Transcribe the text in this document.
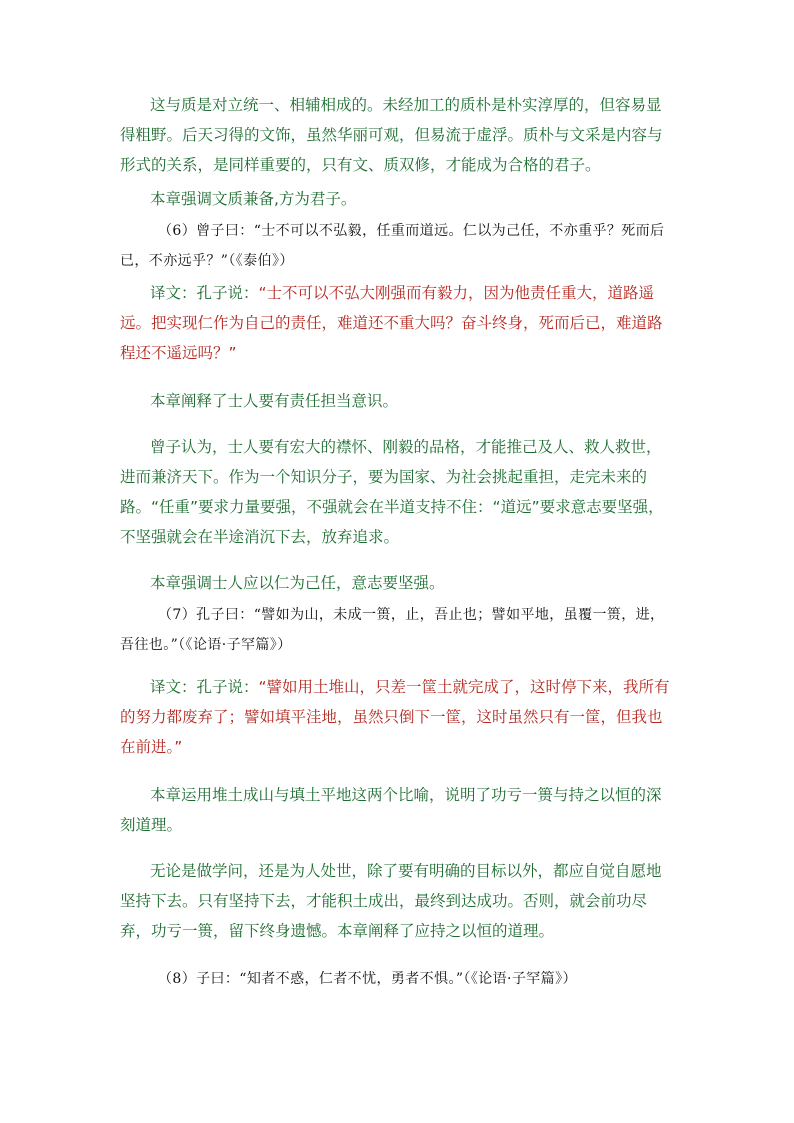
这与质是对立统一、相辅相成的。未经加工的质朴是朴实淳厚的，但容易显得粗野。后天习得的文饰，虽然华丽可观，但易流于虚浮。质朴与文采是内容与形式的关系，是同样重要的，只有文、质双修，才能成为合格的君子。

本章强调文质兼备,方为君子。

（6）曾子曰：“士不可以不弘毅，任重而道远。仁以为己任，不亦重乎？死而后已，不亦远乎？”（《泰伯》）

译文：孔子说：“士不可以不弘大刚强而有毅力，因为他责任重大，道路遥远。把实现仁作为自己的责任，难道还不重大吗？奋斗终身，死而后已，难道路程还不遥远吗？”

本章阐释了士人要有责任担当意识。

曾子认为，士人要有宏大的襟怀、刚毅的品格，才能推己及人、救人救世，进而兼济天下。作为一个知识分子，要为国家、为社会挑起重担，走完未来的路。“任重”要求力量要强，不强就会在半道支持不住：“道远”要求意志要坚强，不坚强就会在半途消沉下去，放弃追求。

本章强调士人应以仁为己任，意志要坚强。

（7）孔子曰：“譬如为山，未成一篑，止，吾止也；譬如平地，虽覆一篑，进，吾往也。”（《论语·子罕篇》）

译文：孔子说：“譬如用土堆山，只差一筐土就完成了，这时停下来，我所有的努力都废弃了；譬如填平洼地，虽然只倒下一筐，这时虽然只有一筐，但我也在前进。”

本章运用堆土成山与填土平地这两个比喻，说明了功亏一篑与持之以恒的深刻道理。

无论是做学问，还是为人处世，除了要有明确的目标以外，都应自觉自愿地坚持下去。只有坚持下去，才能积土成出，最终到达成功。否则，就会前功尽弃，功亏一篑，留下终身遗憾。本章阐释了应持之以恒的道理。

（8）子曰：“知者不惑，仁者不忧，勇者不惧。”（《论语·子罕篇》）
